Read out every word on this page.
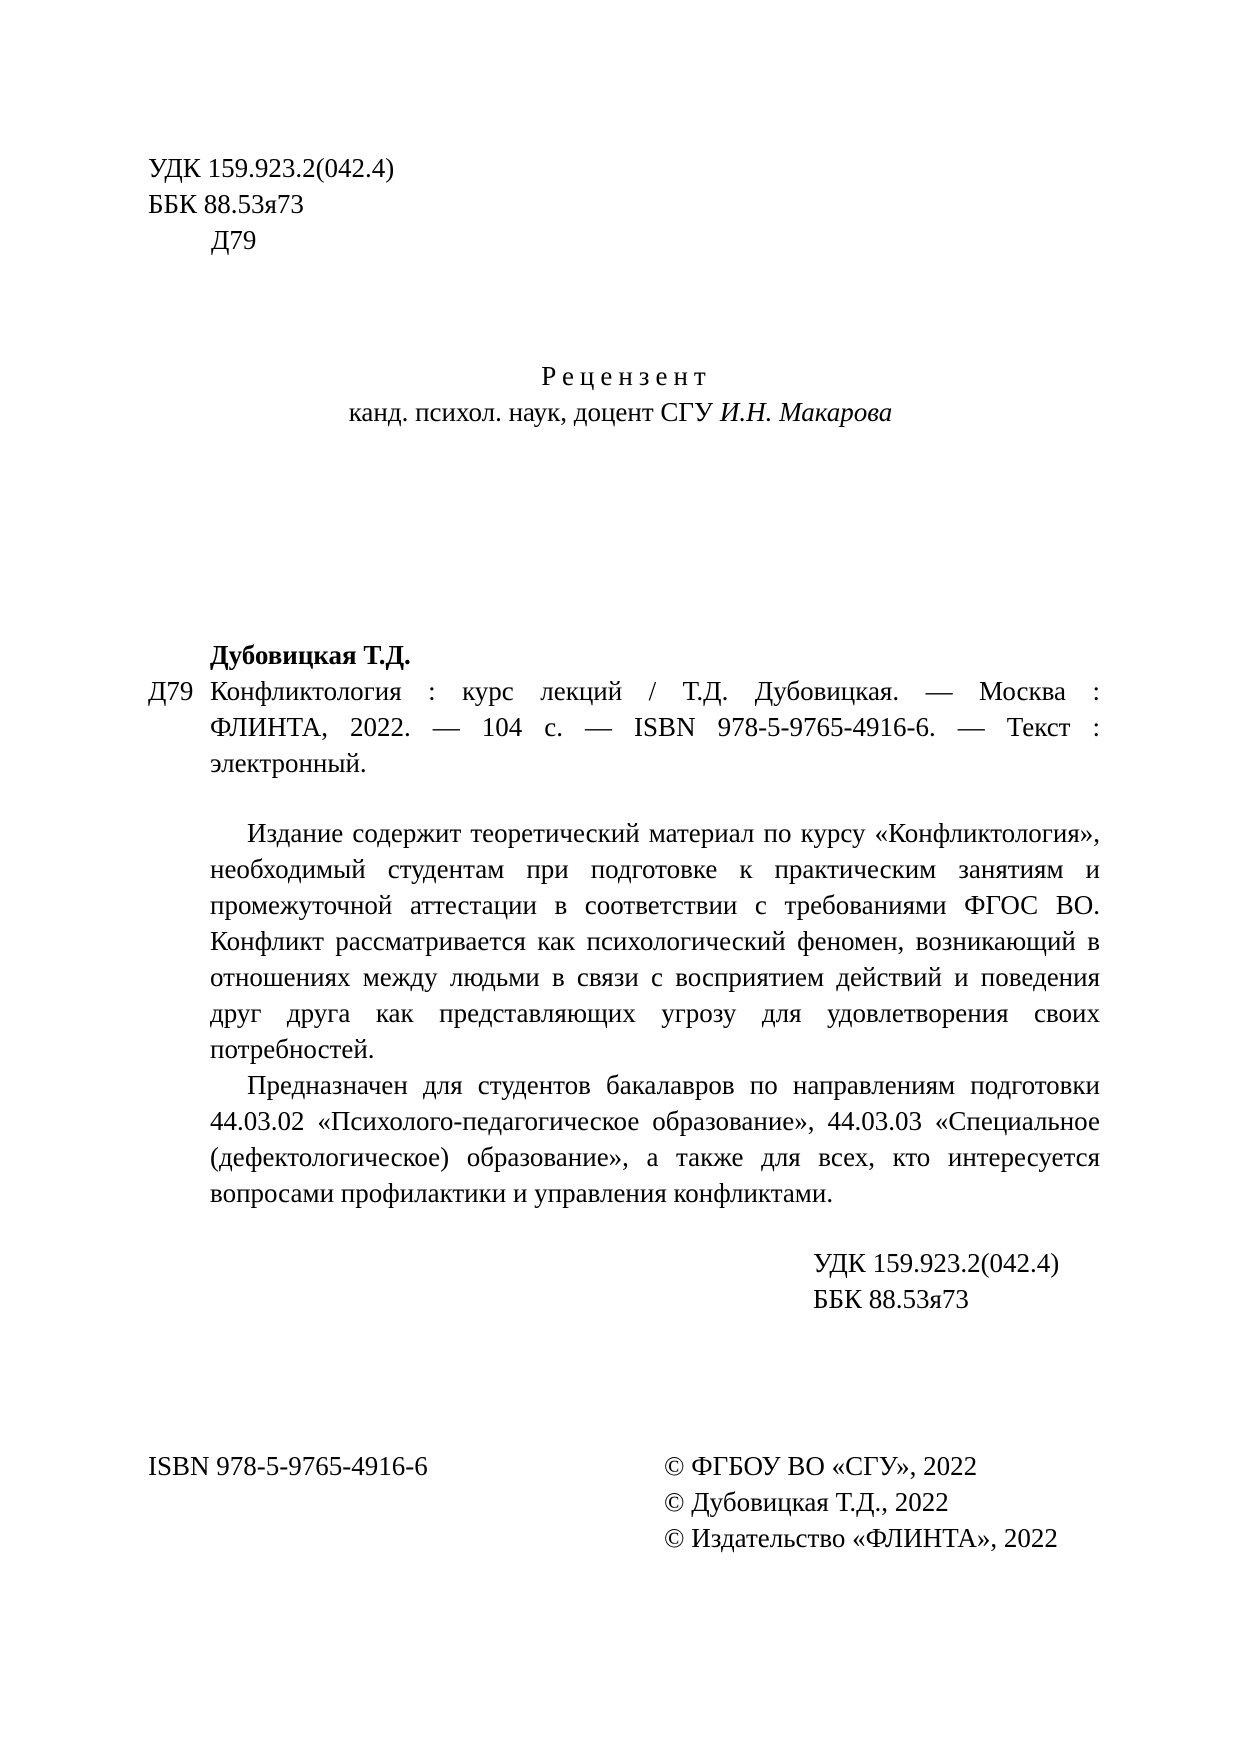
УДК 159.923.2(042.4)
ББК 88.53я73
Д79
Рецензент
канд. психол. наук, доцент СГУ И.Н. Макарова
Дубовицкая Т.Д.
Д79 Конфликтология : курс лекций / Т.Д. Дубовицкая. — Москва :
ФЛИНТА, 2022. — 104 с. — ISBN 978-5-9765-4916-6. — Текст :
электронный.

Издание содержит теоретический материал по курсу «Конфликтология», необходимый студентам при подготовке к практическим занятиям и промежуточной аттестации в соответствии с требованиями ФГОС ВО. Конфликт рассматривается как психологический феномен, возникающий в отношениях между людьми в связи с восприятием действий и поведения друг друга как представляющих угрозу для удовлетворения своих потребностей.

Предназначен для студентов бакалавров по направлениям подготовки 44.03.02 «Психолого-педагогическое образование», 44.03.03 «Специальное (дефектологическое) образование», а также для всех, кто интересуется вопросами профилактики и управления конфликтами.

УДК 159.923.2(042.4)
ББК 88.53я73
ISBN 978-5-9765-4916-6	© ФГБОУ ВО «СГУ», 2022
© Дубовицкая Т.Д., 2022
© Издательство «ФЛИНТА», 2022
